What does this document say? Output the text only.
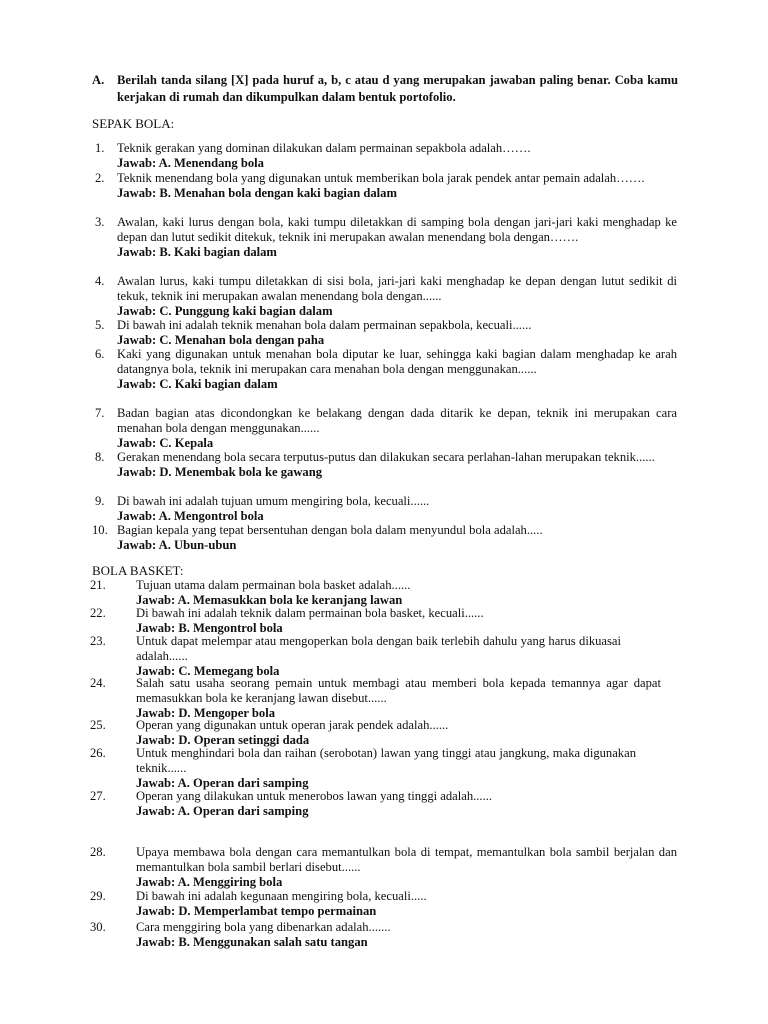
A. Berilah tanda silang [X] pada huruf a, b, c atau d yang merupakan jawaban paling benar. Coba kamu kerjakan di rumah dan dikumpulkan dalam bentuk portofolio.
SEPAK BOLA:
1. Teknik gerakan yang dominan dilakukan dalam permainan sepakbola adalah…….
Jawab: A. Menendang bola
2. Teknik menendang bola yang digunakan untuk memberikan bola jarak pendek antar pemain adalah…….
Jawab: B. Menahan bola dengan kaki bagian dalam
3. Awalan, kaki lurus dengan bola, kaki tumpu diletakkan di samping bola dengan jari-jari kaki menghadap ke depan dan lutut sedikit ditekuk, teknik ini merupakan awalan menendang bola dengan…….
Jawab: B. Kaki bagian dalam
4. Awalan lurus, kaki tumpu diletakkan di sisi bola, jari-jari kaki menghadap ke depan dengan lutut sedikit di tekuk, teknik ini merupakan awalan menendang bola dengan......
Jawab: C. Punggung kaki bagian dalam
5. Di bawah ini adalah teknik menahan bola dalam permainan sepakbola, kecuali......
Jawab: C. Menahan bola dengan paha
6. Kaki yang digunakan untuk menahan bola diputar ke luar, sehingga kaki bagian dalam menghadap ke arah datangnya bola, teknik ini merupakan cara menahan bola dengan menggunakan......
Jawab: C. Kaki bagian dalam
7. Badan bagian atas dicondongkan ke belakang dengan dada ditarik ke depan, teknik ini merupakan cara menahan bola dengan menggunakan......
Jawab: C. Kepala
8. Gerakan menendang bola secara terputus-putus dan dilakukan secara perlahan-lahan merupakan teknik......
Jawab: D. Menembak bola ke gawang
9. Di bawah ini adalah tujuan umum mengiring bola, kecuali......
Jawab: A. Mengontrol bola
10. Bagian kepala yang tepat bersentuhan dengan bola dalam menyundul bola adalah.....
Jawab: A. Ubun-ubun
BOLA BASKET:
21. Tujuan utama dalam permainan bola basket adalah......
Jawab: A. Memasukkan bola ke keranjang lawan
22. Di bawah ini adalah teknik dalam permainan bola basket, kecuali......
Jawab: B. Mengontrol bola
23. Untuk dapat melempar atau mengoperkan bola dengan baik terlebih dahulu yang harus dikuasai adalah......
Jawab: C. Memegang bola
24. Salah satu usaha seorang pemain untuk membagi atau memberi bola kepada temannya agar dapat memasukkan bola ke keranjang lawan disebut......
Jawab: D. Mengoper bola
25. Operan yang digunakan untuk operan jarak pendek adalah......
Jawab: D. Operan setinggi dada
26. Untuk menghindari bola dan raihan (serobotan) lawan yang tinggi atau jangkung, maka digunakan teknik......
Jawab: A. Operan dari samping
27. Operan yang dilakukan untuk menerobos lawan yang tinggi adalah......
Jawab: A. Operan dari samping
28. Upaya membawa bola dengan cara memantulkan bola di tempat, memantulkan bola sambil berjalan dan memantulkan bola sambil berlari disebut......
Jawab: A. Menggiring bola
29. Di bawah ini adalah kegunaan mengiring bola, kecuali.....
Jawab: D. Memperlambat tempo permainan
30. Cara menggiring bola yang dibenarkan adalah.......
Jawab: B. Menggunakan salah satu tangan
